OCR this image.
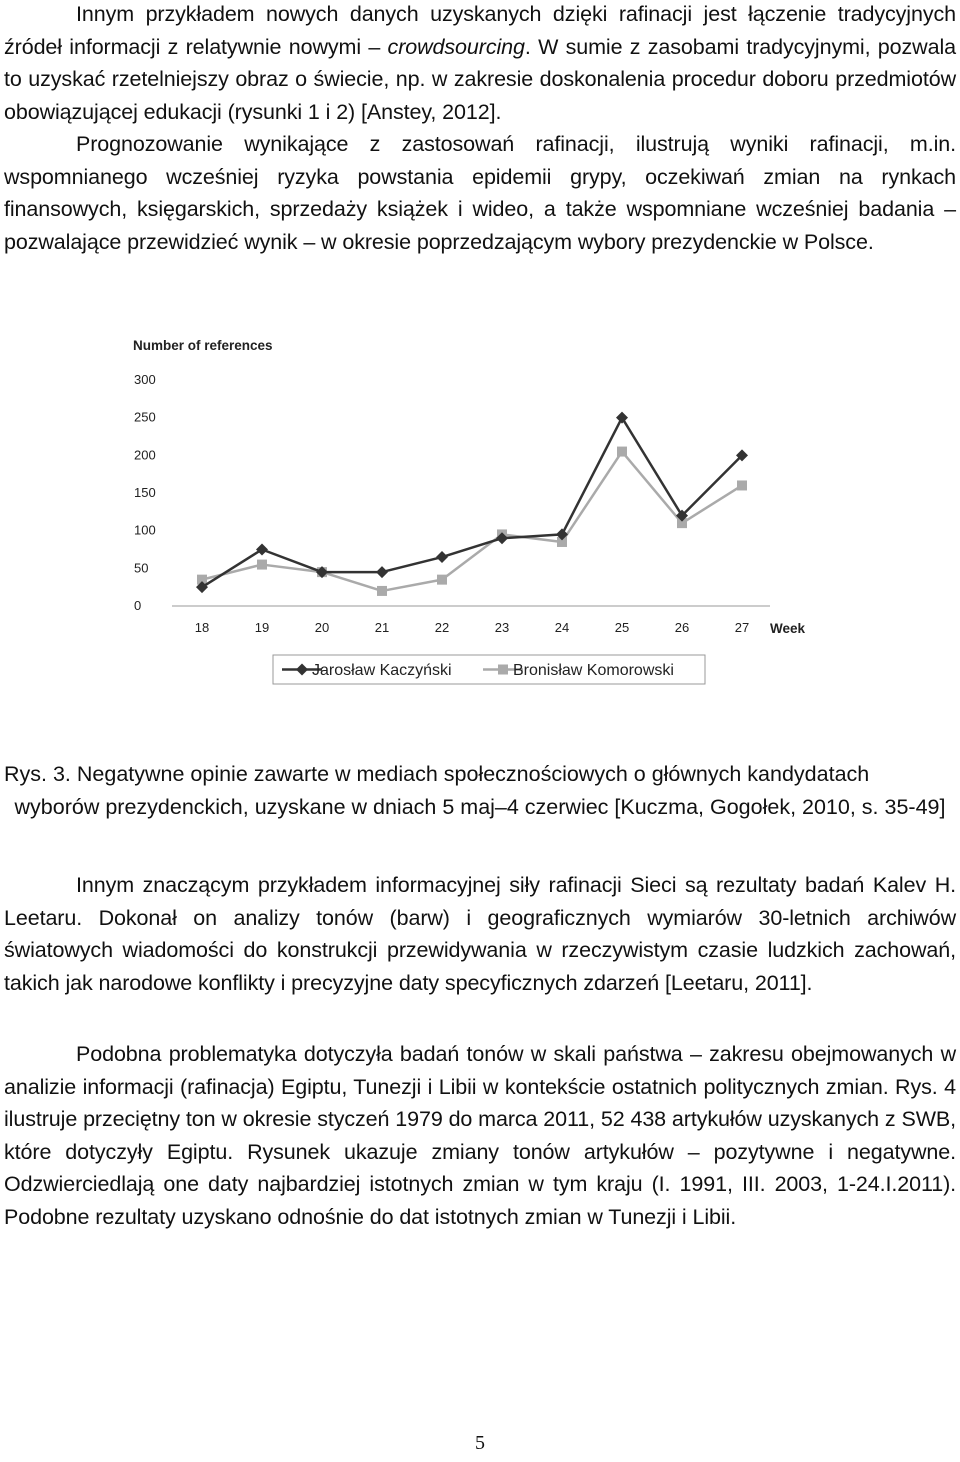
Innym przykładem nowych danych uzyskanych dzięki rafinacji jest łączenie tradycyjnych źródeł informacji z relatywnie nowymi – crowdsourcing. W sumie z zasobami tradycyjnymi, pozwala to uzyskać rzetelniejszy obraz o świecie, np. w zakresie doskonalenia procedur doboru przedmiotów obowiązującej edukacji (rysunki 1 i 2) [Anstey, 2012].
Prognozowanie wynikające z zastosowań rafinacji, ilustrują wyniki rafinacji, m.in. wspomnianego wcześniej ryzyka powstania epidemii grypy, oczekiwań zmian na rynkach finansowych, księgarskich, sprzedaży książek i wideo, a także wspomniane wcześniej badania – pozwalające przewidzieć wynik – w okresie poprzedzającym wybory prezydenckie w Polsce.

Number of references
0
50
100
150
200
250
300
18	19	20	21	22	23	24	25	26	27 Week
Jarosław Kaczyński	Bronisław Komorowski
Rys. 3. Negatywne opinie zawarte w mediach społecznościowych o głównych kandydatach
wyborów prezydenckich, uzyskane w dniach 5 maj–4 czerwiec [Kuczma, Gogołek, 2010, s. 35-49]

Innym znaczącym przykładem informacyjnej siły rafinacji Sieci są rezultaty badań Kalev H. Leetaru. Dokonał on analizy tonów (barw) i geograficznych wymiarów 30-letnich archiwów światowych wiadomości do konstrukcji przewidywania w rzeczywistym czasie ludzkich zachowań, takich jak narodowe konflikty i precyzyjne daty specyficznych zdarzeń [Leetaru, 2011].

Podobna problematyka dotyczyła badań tonów w skali państwa – zakresu obejmowanych w analizie informacji (rafinacja) Egiptu, Tunezji i Libii w kontekście ostatnich politycznych zmian. Rys. 4 ilustruje przeciętny ton w okresie styczeń 1979 do marca 2011, 52 438 artykułów uzyskanych z SWB, które dotyczyły Egiptu. Rysunek ukazuje zmiany tonów artykułów – pozytywne i negatywne. Odzwierciedlają one daty najbardziej istotnych zmian w tym kraju (I. 1991, III. 2003, 1-24.I.2011). Podobne rezultaty uzyskano odnośnie do dat istotnych zmian w Tunezji i Libii.

5
